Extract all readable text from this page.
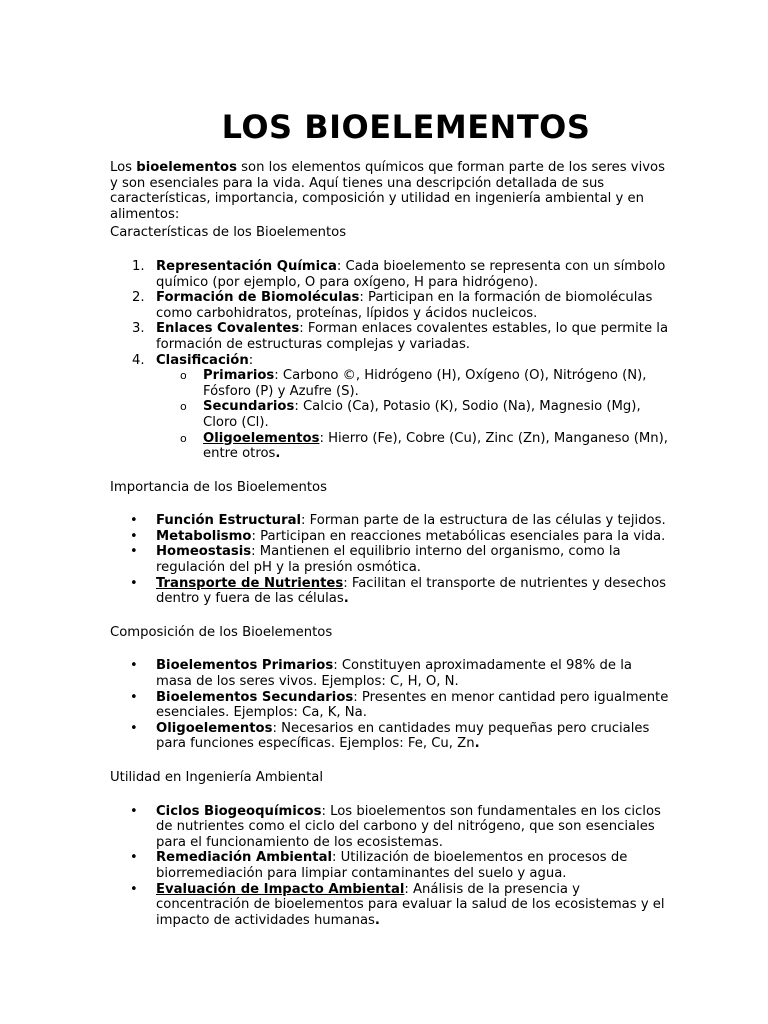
LOS BIOELEMENTOS

Los bioelementos son los elementos químicos que forman parte de los seres vivos y son esenciales para la vida. Aquí tienes una descripción detallada de sus características, importancia, composición y utilidad en ingeniería ambiental y en alimentos:

Características de los Bioelementos

1. Representación Química: Cada bioelemento se representa con un símbolo químico (por ejemplo, O para oxígeno, H para hidrógeno).
2. Formación de Biomoléculas: Participan en la formación de biomoléculas como carbohidratos, proteínas, lípidos y ácidos nucleicos.
3. Enlaces Covalentes: Forman enlaces covalentes estables, lo que permite la formación de estructuras complejas y variadas.
4. Clasificación:
o Primarios: Carbono ©, Hidrógeno (H), Oxígeno (O), Nitrógeno (N), Fósforo (P) y Azufre (S).
o Secundarios: Calcio (Ca), Potasio (K), Sodio (Na), Magnesio (Mg), Cloro (Cl).
o Oligoelementos: Hierro (Fe), Cobre (Cu), Zinc (Zn), Manganeso (Mn), entre otros.

Importancia de los Bioelementos

• Función Estructural: Forman parte de la estructura de las células y tejidos.
• Metabolismo: Participan en reacciones metabólicas esenciales para la vida.
• Homeostasis: Mantienen el equilibrio interno del organismo, como la regulación del pH y la presión osmótica.
• Transporte de Nutrientes: Facilitan el transporte de nutrientes y desechos dentro y fuera de las células.

Composición de los Bioelementos

• Bioelementos Primarios: Constituyen aproximadamente el 98% de la masa de los seres vivos. Ejemplos: C, H, O, N.
• Bioelementos Secundarios: Presentes en menor cantidad pero igualmente esenciales. Ejemplos: Ca, K, Na.
• Oligoelementos: Necesarios en cantidades muy pequeñas pero cruciales para funciones específicas. Ejemplos: Fe, Cu, Zn.

Utilidad en Ingeniería Ambiental

• Ciclos Biogeoquímicos: Los bioelementos son fundamentales en los ciclos de nutrientes como el ciclo del carbono y del nitrógeno, que son esenciales para el funcionamiento de los ecosistemas.
• Remediación Ambiental: Utilización de bioelementos en procesos de biorremediación para limpiar contaminantes del suelo y agua.
• Evaluación de Impacto Ambiental: Análisis de la presencia y concentración de bioelementos para evaluar la salud de los ecosistemas y el impacto de actividades humanas.
